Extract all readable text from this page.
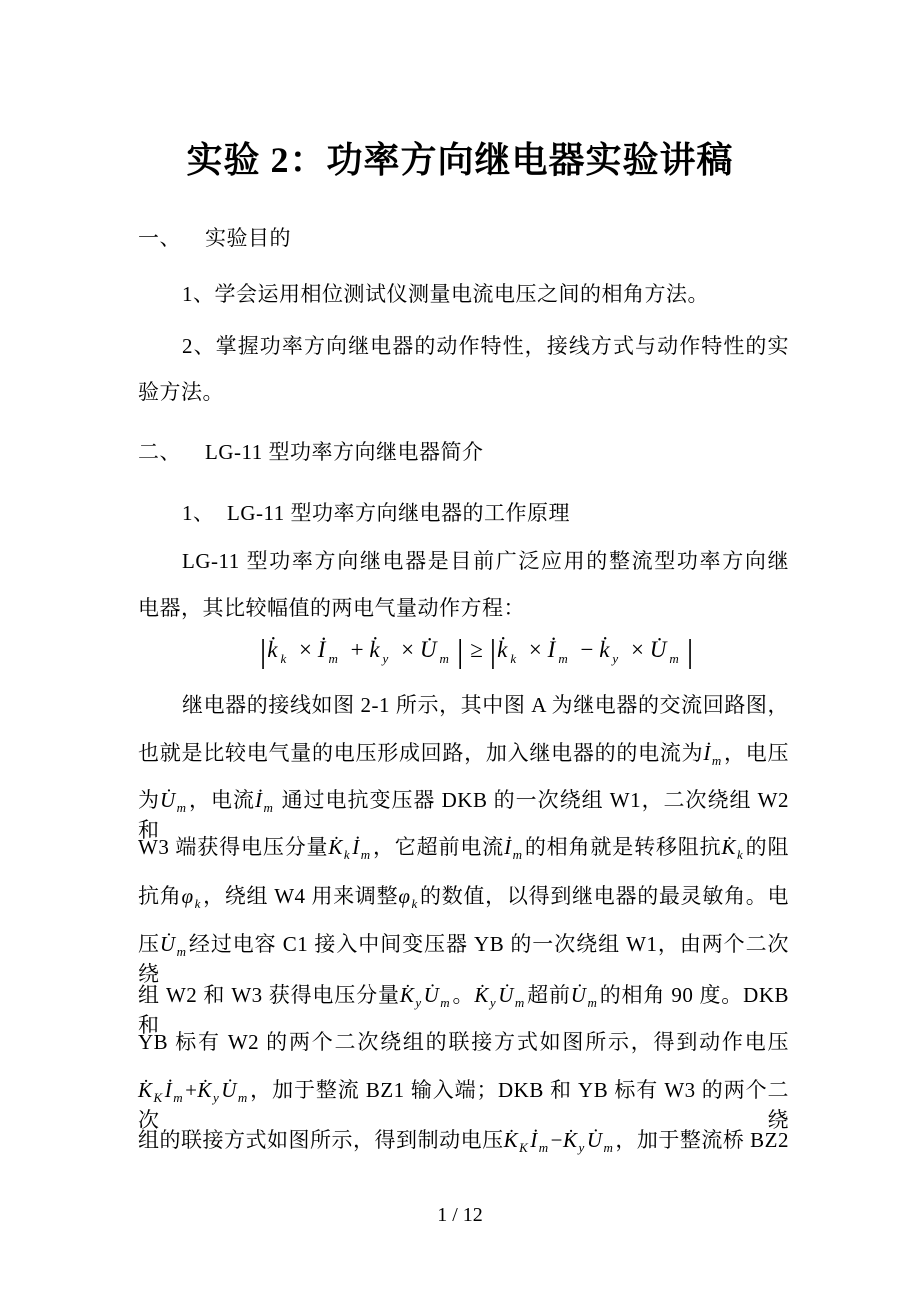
实验 2：功率方向继电器实验讲稿
一、 实验目的
1、学会运用相位测试仪测量电流电压之间的相角方法。
2、掌握功率方向继电器的动作特性，接线方式与动作特性的实
验方法。
二、 LG-11 型功率方向继电器简介
1、 LG-11 型功率方向继电器的工作原理
LG-11 型功率方向继电器是目前广泛应用的整流型功率方向继
电器，其比较幅值的两电气量动作方程：
|k̇ $_k$ × İ $_m$ + k̇ $_y$ × U̇ $_m$ | ≥ |k̇ $_k$ × İ $_m$ − k̇ $_y$ × U̇ $_m$ |
继电器的接线如图 2-1 所示，其中图 A 为继电器的交流回路图，
也就是比较电气量的电压形成回路，加入继电器的的电流为$İ_m$，电压
为$U̇_m$，电流$İ_m$ 通过电抗变压器 DKB 的一次绕组 W1，二次绕组 W2 和
W3 端获得电压分量$K̇_kİ_m$，它超前电流$İ_m$的相角就是转移阻抗$K̇_k$的阻
抗角$\varphi_k$，绕组 W4 用来调整$\varphi_k$的数值，以得到继电器的最灵敏角。电
压$U̇_m$经过电容 C1 接入中间变压器 YB 的一次绕组 W1，由两个二次绕
组 W2 和 W3 获得电压分量$K̇_yU̇_m$。$K̇_yU̇_m$超前$U̇_m$的相角 90 度。DKB 和
YB 标有 W2 的两个二次绕组的联接方式如图所示，得到动作电压
$K̇_Kİ_m+K̇_yU̇_m$，加于整流 BZ1 输入端；DKB 和 YB 标有 W3 的两个二次绕
组的联接方式如图所示，得到制动电压$K̇_Kİ_m-K̇_yU̇_m$，加于整流桥 BZ2
1 / 12
